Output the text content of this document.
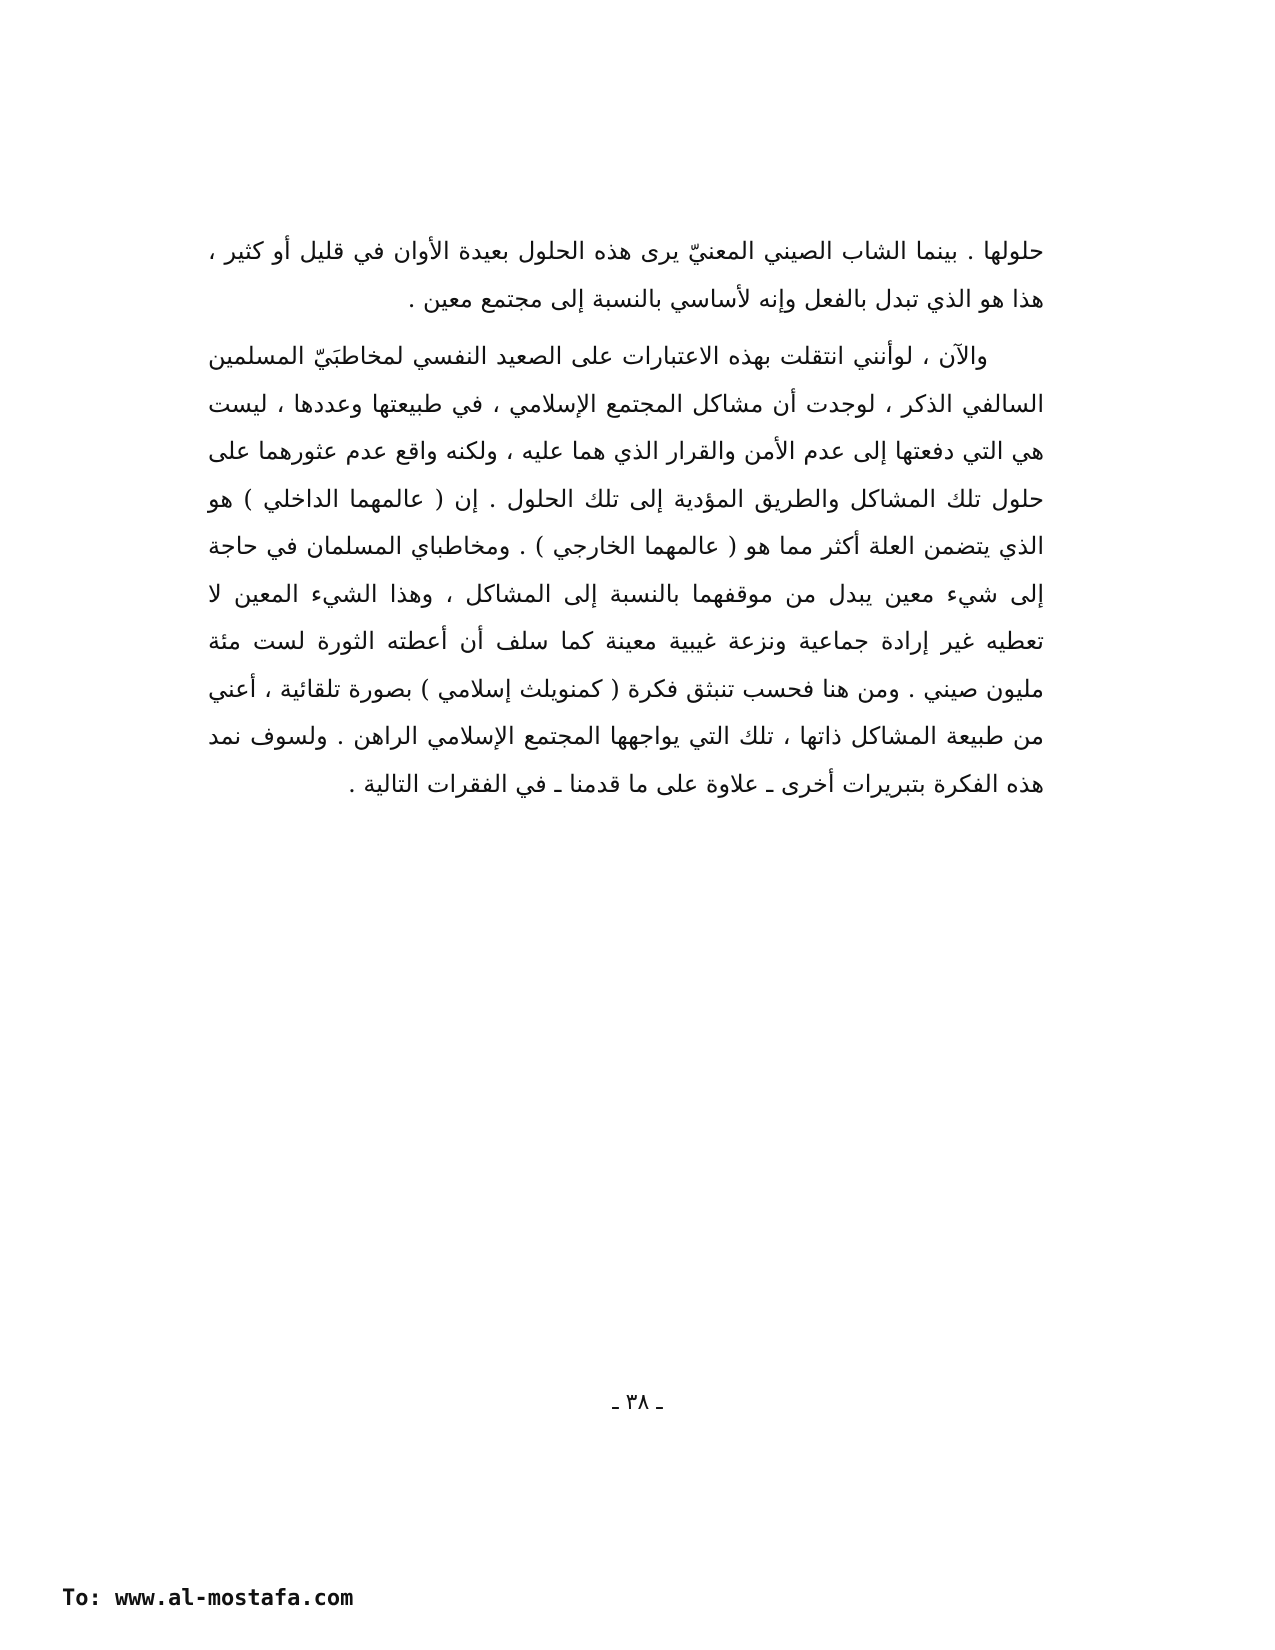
حلولها . بينما الشاب الصيني المعنيّ يرى هذه الحلول بعيدة الأوان في قليل أو كثير ، هذا هو الذي تبدل بالفعل وإنه لأساسي بالنسبة إلى مجتمع معين .

والآن ، لوأنني انتقلت بهذه الاعتبارات على الصعيد النفسي لمخاطبَيّ المسلمين السالفي الذكر ، لوجدت أن مشاكل المجتمع الإسلامي ، في طبيعتها وعددها ، ليست هي التي دفعتها إلى عدم الأمن والقرار الذي هما عليه ، ولكنه واقع عدم عثورهما على حلول تلك المشاكل والطريق المؤدية إلى تلك الحلول . إن ( عالمهما الداخلي ) هو الذي يتضمن العلة أكثر مما هو ( عالمهما الخارجي ) . ومخاطباي المسلمان في حاجة إلى شيء معين يبدل من موقفهما بالنسبة إلى المشاكل ، وهذا الشيء المعين لا تعطيه غير إرادة جماعية ونزعة غيبية معينة كما سلف أن أعطته الثورة لست مئة مليون صيني . ومن هنا فحسب تنبثق فكرة ( كمنويلث إسلامي ) بصورة تلقائية ، أعني من طبيعة المشاكل ذاتها ، تلك التي يواجهها المجتمع الإسلامي الراهن . ولسوف نمد هذه الفكرة بتبريرات أخرى ـ علاوة على ما قدمنا ـ في الفقرات التالية .

ـ ٣٨ ـ
To: www.al-mostafa.com
